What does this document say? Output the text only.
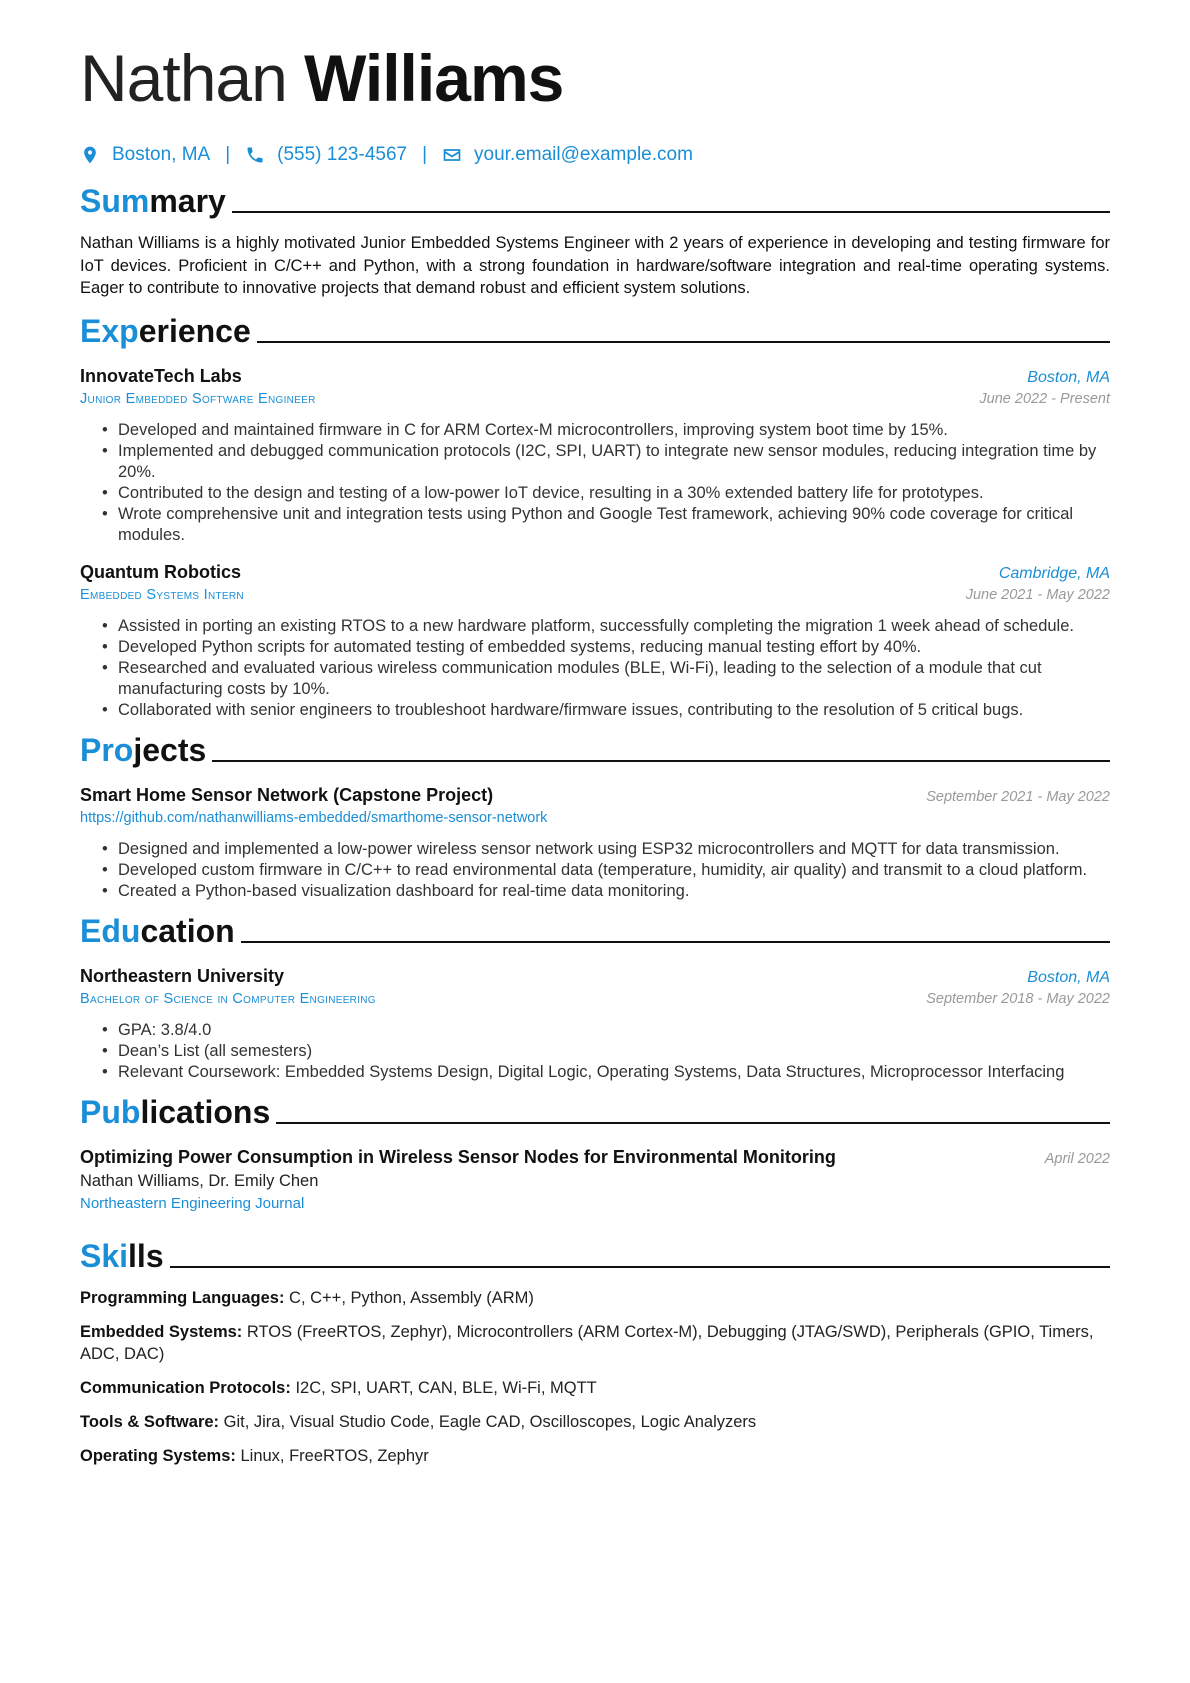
Nathan Williams
Boston, MA | (555) 123-4567 | your.email@example.com
Summary
Nathan Williams is a highly motivated Junior Embedded Systems Engineer with 2 years of experience in developing and testing firmware for IoT devices. Proficient in C/C++ and Python, with a strong foundation in hardware/software integration and real-time operating systems. Eager to contribute to innovative projects that demand robust and efficient system solutions.
Experience
InnovateTech Labs	Boston, MA
Junior Embedded Software Engineer	June 2022 - Present
• Developed and maintained firmware in C for ARM Cortex-M microcontrollers, improving system boot time by 15%.
• Implemented and debugged communication protocols (I2C, SPI, UART) to integrate new sensor modules, reducing integration time by 20%.
• Contributed to the design and testing of a low-power IoT device, resulting in a 30% extended battery life for prototypes.
• Wrote comprehensive unit and integration tests using Python and Google Test framework, achieving 90% code coverage for critical modules.
Quantum Robotics	Cambridge, MA
Embedded Systems Intern	June 2021 - May 2022
• Assisted in porting an existing RTOS to a new hardware platform, successfully completing the migration 1 week ahead of schedule.
• Developed Python scripts for automated testing of embedded systems, reducing manual testing effort by 40%.
• Researched and evaluated various wireless communication modules (BLE, Wi-Fi), leading to the selection of a module that cut manufacturing costs by 10%.
• Collaborated with senior engineers to troubleshoot hardware/firmware issues, contributing to the resolution of 5 critical bugs.
Projects
Smart Home Sensor Network (Capstone Project)	September 2021 - May 2022
https://github.com/nathanwilliams-embedded/smarthome-sensor-network
• Designed and implemented a low-power wireless sensor network using ESP32 microcontrollers and MQTT for data transmission.
• Developed custom firmware in C/C++ to read environmental data (temperature, humidity, air quality) and transmit to a cloud platform.
• Created a Python-based visualization dashboard for real-time data monitoring.
Education
Northeastern University	Boston, MA
Bachelor of Science in Computer Engineering	September 2018 - May 2022
• GPA: 3.8/4.0
• Dean’s List (all semesters)
• Relevant Coursework: Embedded Systems Design, Digital Logic, Operating Systems, Data Structures, Microprocessor Interfacing
Publications
Optimizing Power Consumption in Wireless Sensor Nodes for Environmental Monitoring	April 2022
Nathan Williams, Dr. Emily Chen
Northeastern Engineering Journal
Skills
Programming Languages: C, C++, Python, Assembly (ARM)
Embedded Systems: RTOS (FreeRTOS, Zephyr), Microcontrollers (ARM Cortex-M), Debugging (JTAG/SWD), Peripherals (GPIO, Timers, ADC, DAC)
Communication Protocols: I2C, SPI, UART, CAN, BLE, Wi-Fi, MQTT
Tools & Software: Git, Jira, Visual Studio Code, Eagle CAD, Oscilloscopes, Logic Analyzers
Operating Systems: Linux, FreeRTOS, Zephyr
